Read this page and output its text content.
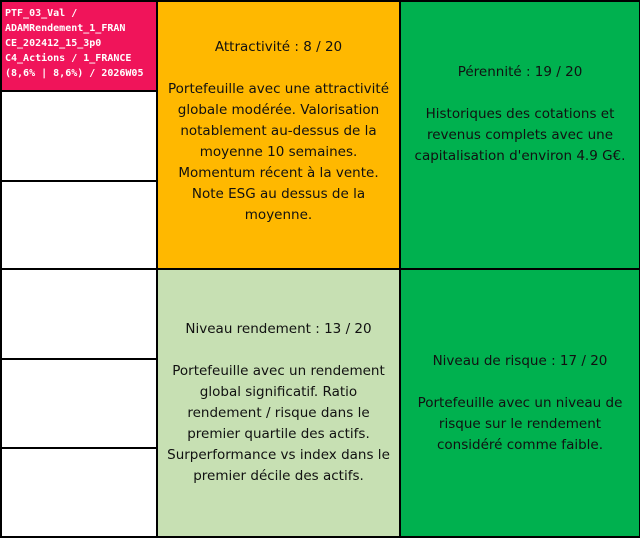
PTF_03_Val /
ADAMRendement_1_FRAN
CE_202412_15_3p0
C4_Actions / 1_FRANCE
(8,6% | 8,6%) / 2026W05
Attractivité : 8 / 20
Portefeuille avec une attractivité globale modérée. Valorisation notablement au-dessus de la moyenne 10 semaines. Momentum récent à la vente. Note ESG au dessus de la moyenne.
Pérennité : 19 / 20
Historiques des cotations et revenus complets avec une capitalisation d'environ 4.9 G€.
Niveau rendement : 13 / 20
Portefeuille avec un rendement global significatif. Ratio rendement / risque dans le premier quartile des actifs. Surperformance vs index dans le premier décile des actifs.
Niveau de risque : 17 / 20
Portefeuille avec un niveau de risque sur le rendement considéré comme faible.
